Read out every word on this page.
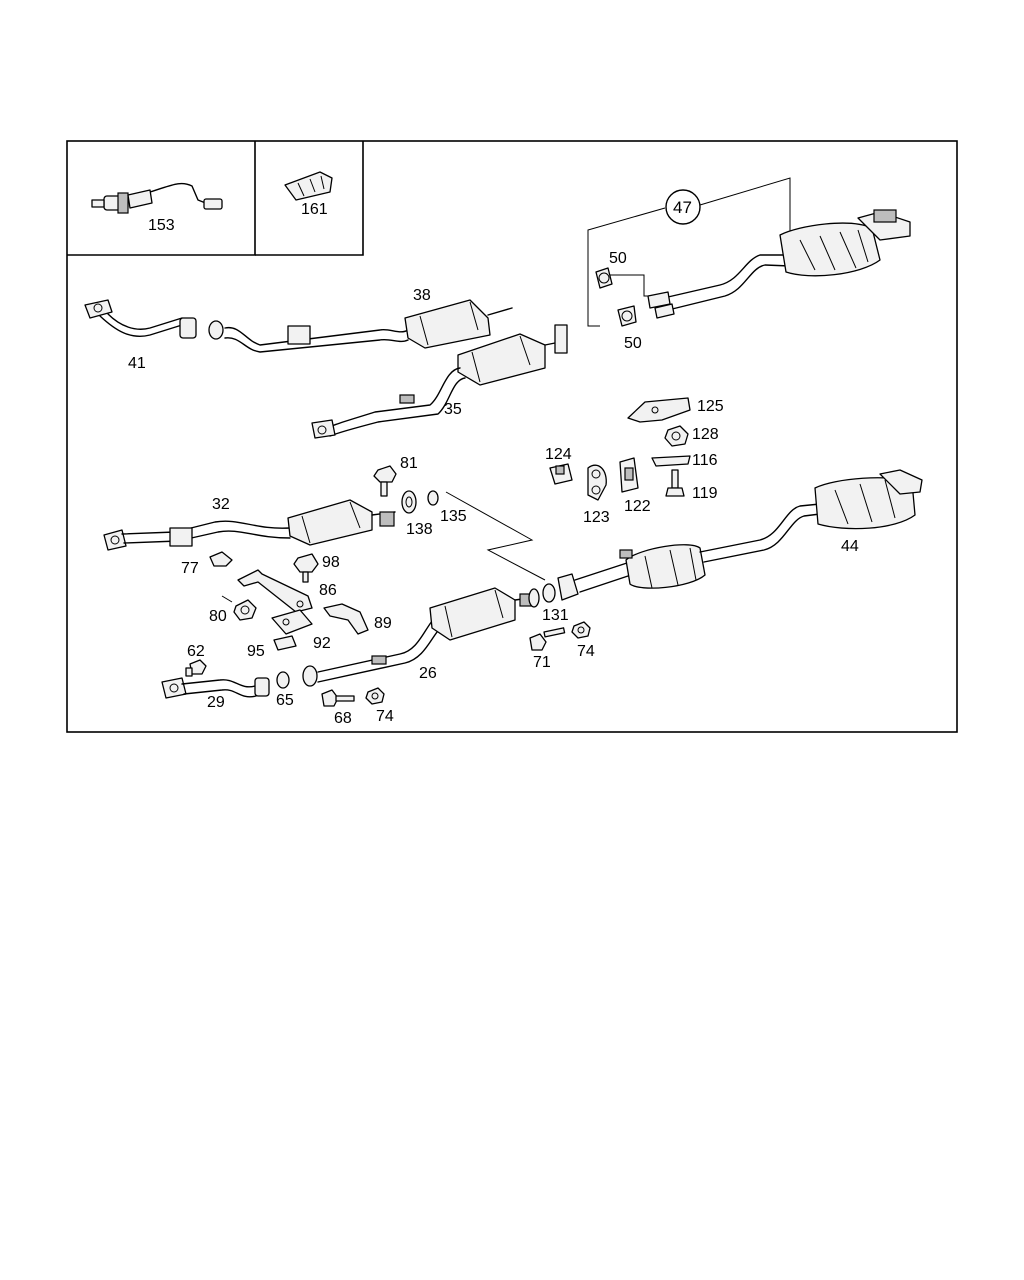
153
161	47
50
50
38
41
35	125
128
124	116
119
123
122
81
32
138
135
98
77
86
80	89
92
95
62
65
29
26
68 74
131
71
74
44
